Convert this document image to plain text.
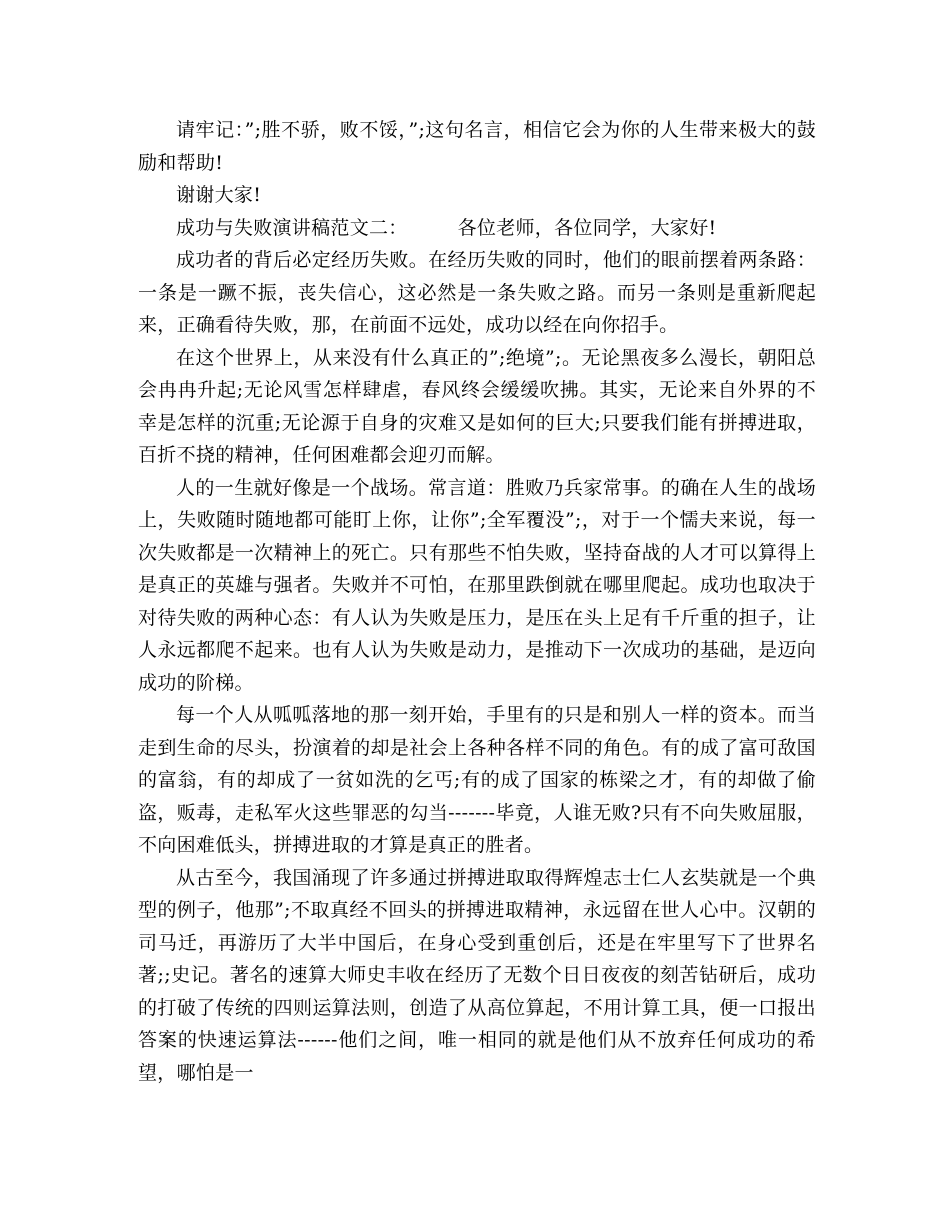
请牢记：”;胜不骄，败不馁，”;这句名言，相信它会为你的人生带来极大的鼓励和帮助!

谢谢大家!

成功与失败演讲稿范文二：	各位老师，各位同学，大家好!

成功者的背后必定经历失败。在经历失败的同时，他们的眼前摆着两条路：一条是一蹶不振，丧失信心，这必然是一条失败之路。而另一条则是重新爬起来，正确看待失败，那，在前面不远处，成功以经在向你招手。

在这个世界上，从来没有什么真正的”;绝境”;。无论黑夜多么漫长，朝阳总会冉冉升起;无论风雪怎样肆虐，春风终会缓缓吹拂。其实，无论来自外界的不幸是怎样的沉重;无论源于自身的灾难又是如何的巨大;只要我们能有拼搏进取，百折不挠的精神，任何困难都会迎刃而解。

人的一生就好像是一个战场。常言道：胜败乃兵家常事。的确在人生的战场上，失败随时随地都可能盯上你，让你”;全军覆没”;，对于一个懦夫来说，每一次失败都是一次精神上的死亡。只有那些不怕失败，坚持奋战的人才可以算得上是真正的英雄与强者。失败并不可怕，在那里跌倒就在哪里爬起。成功也取决于对待失败的两种心态：有人认为失败是压力，是压在头上足有千斤重的担子，让人永远都爬不起来。也有人认为失败是动力，是推动下一次成功的基础，是迈向成功的阶梯。

每一个人从呱呱落地的那一刻开始，手里有的只是和别人一样的资本。而当走到生命的尽头，扮演着的却是社会上各种各样不同的角色。有的成了富可敌国的富翁，有的却成了一贫如洗的乞丐;有的成了国家的栋梁之才，有的却做了偷盗，贩毒，走私军火这些罪恶的勾当-------毕竟，人谁无败?只有不向失败屈服，不向困难低头，拼搏进取的才算是真正的胜者。

从古至今，我国涌现了许多通过拼搏进取取得辉煌志士仁人玄奘就是一个典型的例子，他那”;不取真经不回头的拼搏进取精神，永远留在世人心中。汉朝的司马迁，再游历了大半中国后，在身心受到重创后，还是在牢里写下了世界名著;;史记。著名的速算大师史丰收在经历了无数个日日夜夜的刻苦钻研后，成功的打破了传统的四则运算法则，创造了从高位算起，不用计算工具，便一口报出答案的快速运算法------他们之间，唯一相同的就是他们从不放弃任何成功的希望，哪怕是一
